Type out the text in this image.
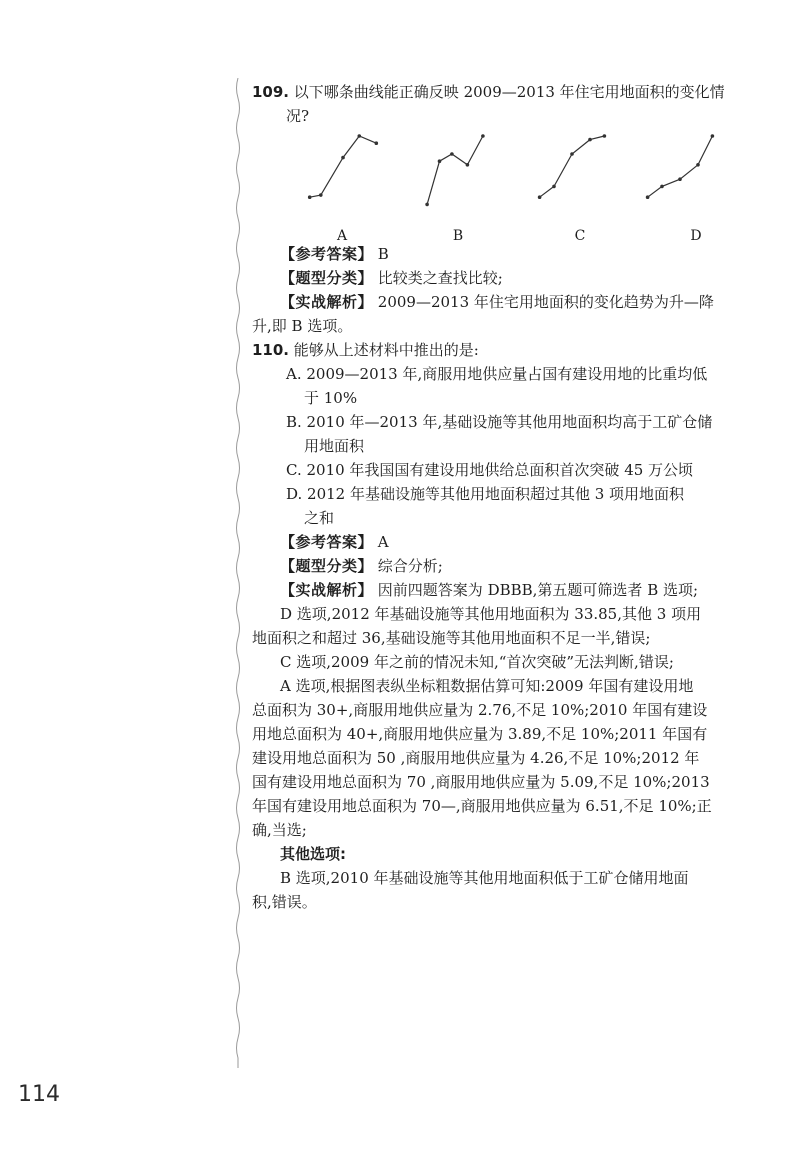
109. 以下哪条曲线能正确反映 2009—2013 年住宅用地面积的变化情

况?

A	B	C	D

【参考答案】 B

【题型分类】 比较类之查找比较;

【实战解析】 2009—2013 年住宅用地面积的变化趋势为升—降

升,即 B 选项。

110. 能够从上述材料中推出的是:

A. 2009—2013 年,商服用地供应量占国有建设用地的比重均低

于 10%

B. 2010 年—2013 年,基础设施等其他用地面积均高于工矿仓储

用地面积

C. 2010 年我国国有建设用地供给总面积首次突破 45 万公顷

D. 2012 年基础设施等其他用地面积超过其他 3 项用地面积

之和

【参考答案】 A

【题型分类】 综合分析;

【实战解析】 因前四题答案为 DBBB,第五题可筛选者 B 选项;

D 选项,2012 年基础设施等其他用地面积为 33.85,其他 3 项用

地面积之和超过 36,基础设施等其他用地面积不足一半,错误;

C 选项,2009 年之前的情况未知,“首次突破”无法判断,错误;

A 选项,根据图表纵坐标粗数据估算可知:2009 年国有建设用地

总面积为 30+,商服用地供应量为 2.76,不足 10%;2010 年国有建设

用地总面积为 40+,商服用地供应量为 3.89,不足 10%;2011 年国有

建设用地总面积为 50 ,商服用地供应量为 4.26,不足 10%;2012 年

国有建设用地总面积为 70 ,商服用地供应量为 5.09,不足 10%;2013

年国有建设用地总面积为 70—,商服用地供应量为 6.51,不足 10%;正

确,当选;

其他选项:

B 选项,2010 年基础设施等其他用地面积低于工矿仓储用地面

积,错误。

114
